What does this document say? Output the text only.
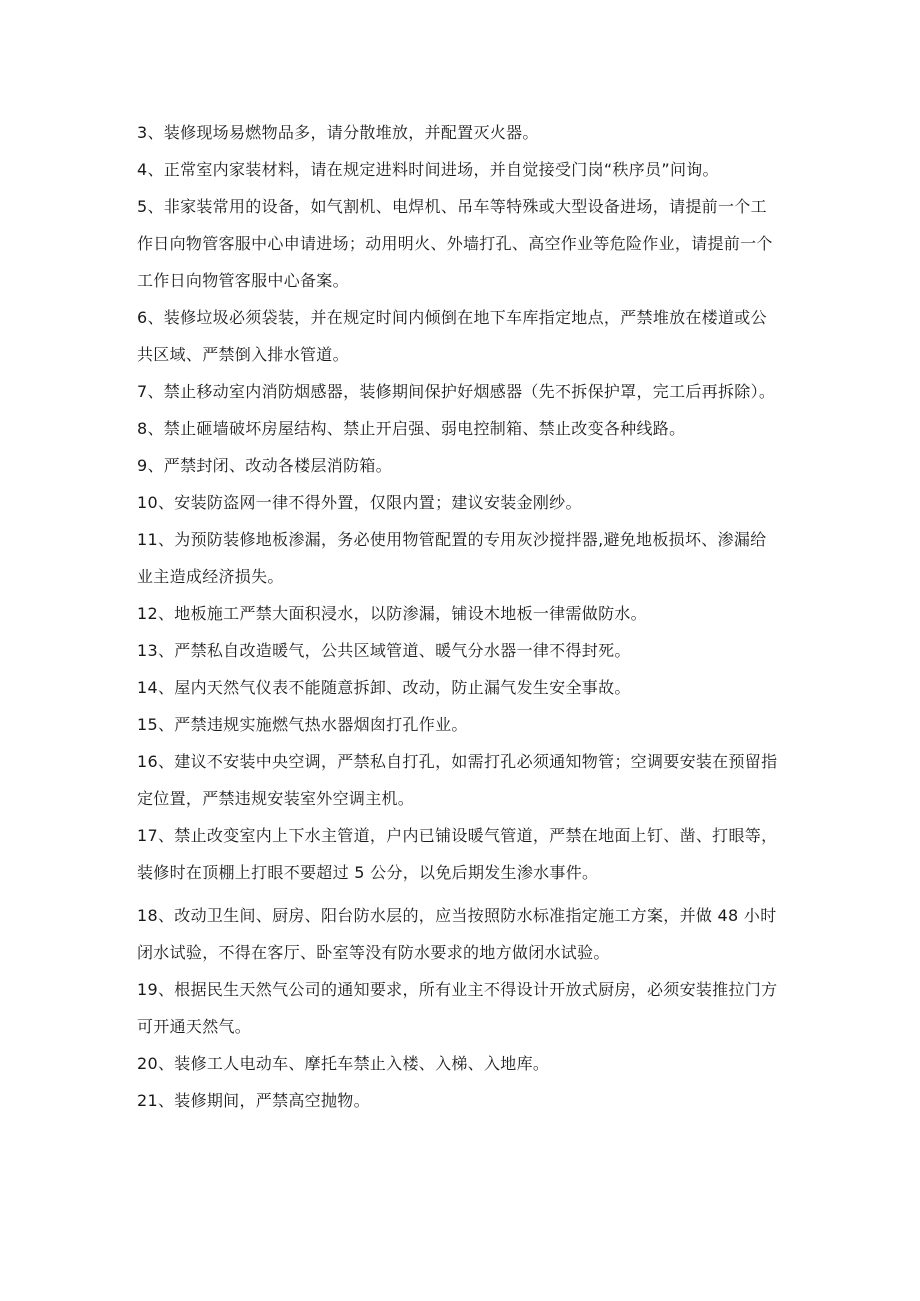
3、装修现场易燃物品多，请分散堆放，并配置灭火器。
4、正常室内家装材料，请在规定进料时间进场，并自觉接受门岗“秩序员”问询。
5、非家装常用的设备，如气割机、电焊机、吊车等特殊或大型设备进场，请提前一个工作日向物管客服中心申请进场；动用明火、外墙打孔、高空作业等危险作业，请提前一个工作日向物管客服中心备案。
6、装修垃圾必须袋装，并在规定时间内倾倒在地下车库指定地点，严禁堆放在楼道或公共区域、严禁倒入排水管道。
7、禁止移动室内消防烟感器，装修期间保护好烟感器（先不拆保护罩，完工后再拆除）。
8、禁止砸墙破坏房屋结构、禁止开启强、弱电控制箱、禁止改变各种线路。
9、严禁封闭、改动各楼层消防箱。
10、安装防盗网一律不得外置，仅限内置；建议安装金刚纱。
11、为预防装修地板渗漏，务必使用物管配置的专用灰沙搅拌器,避免地板损坏、渗漏给业主造成经济损失。
12、地板施工严禁大面积浸水，以防渗漏，铺设木地板一律需做防水。
13、严禁私自改造暖气，公共区域管道、暖气分水器一律不得封死。
14、屋内天然气仪表不能随意拆卸、改动，防止漏气发生安全事故。
15、严禁违规实施燃气热水器烟囱打孔作业。
16、建议不安装中央空调，严禁私自打孔，如需打孔必须通知物管；空调要安装在预留指定位置，严禁违规安装室外空调主机。
17、禁止改变室内上下水主管道，户内已铺设暖气管道，严禁在地面上钉、凿、打眼等，装修时在顶棚上打眼不要超过 5 公分，以免后期发生渗水事件。
18、改动卫生间、厨房、阳台防水层的，应当按照防水标准指定施工方案，并做 48 小时闭水试验，不得在客厅、卧室等没有防水要求的地方做闭水试验。
19、根据民生天然气公司的通知要求，所有业主不得设计开放式厨房，必须安装推拉门方可开通天然气。
20、装修工人电动车、摩托车禁止入楼、入梯、入地库。
21、装修期间，严禁高空抛物。
